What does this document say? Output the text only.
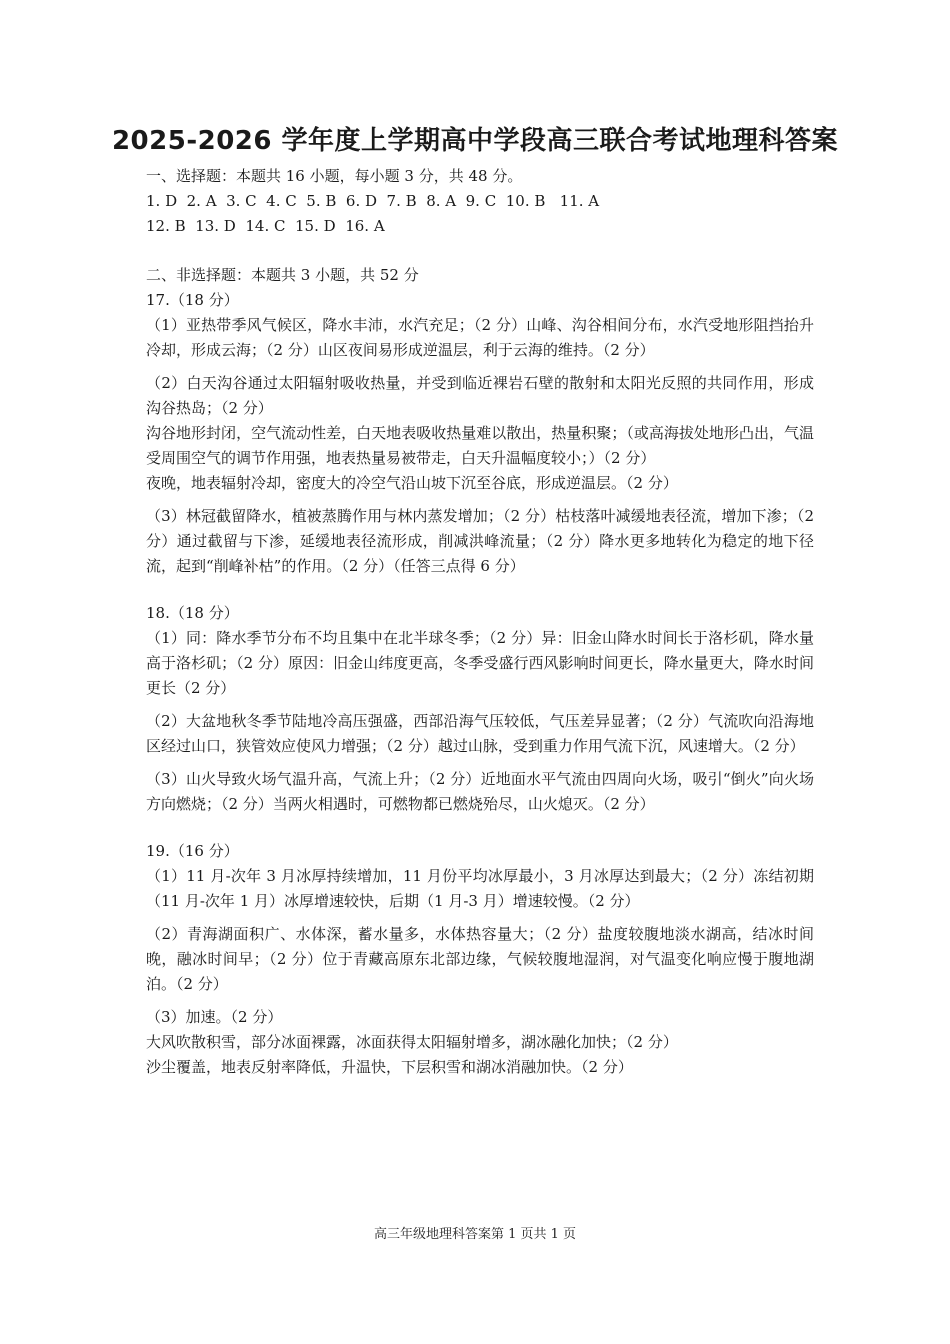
2025-2026 学年度上学期高中学段高三联合考试地理科答案
一、选择题：本题共 16 小题，每小题 3 分，共 48 分。
1. D  2. A  3. C  4. C  5. B  6. D  7. B  8. A  9. C  10. B   11. A
12. B  13. D  14. C  15. D  16. A
二、非选择题：本题共 3 小题，共 52 分
17.（18 分）

（1）亚热带季风气候区，降水丰沛，水汽充足；（2 分）山峰、沟谷相间分布，水汽受地形阻挡抬升冷却，形成云海；（2 分）山区夜间易形成逆温层，利于云海的维持。（2 分）

（2）白天沟谷通过太阳辐射吸收热量，并受到临近裸岩石壁的散射和太阳光反照的共同作用，形成沟谷热岛；（2 分）

沟谷地形封闭，空气流动性差，白天地表吸收热量难以散出，热量积聚；（或高海拔处地形凸出，气温受周围空气的调节作用强，地表热量易被带走，白天升温幅度较小；）（2 分）

夜晚，地表辐射冷却，密度大的冷空气沿山坡下沉至谷底，形成逆温层。（2 分）

（3）林冠截留降水，植被蒸腾作用与林内蒸发增加；（2 分）枯枝落叶减缓地表径流，增加下渗；（2 分）通过截留与下渗，延缓地表径流形成，削减洪峰流量；（2 分）降水更多地转化为稳定的地下径流，起到“削峰补枯”的作用。（2 分）（任答三点得 6 分）

18.（18 分）

（1）同：降水季节分布不均且集中在北半球冬季；（2 分）异：旧金山降水时间长于洛杉矶，降水量高于洛杉矶；（2 分）原因：旧金山纬度更高，冬季受盛行西风影响时间更长，降水量更大，降水时间更长（2 分）

（2）大盆地秋冬季节陆地冷高压强盛，西部沿海气压较低，气压差异显著；（2 分）气流吹向沿海地区经过山口，狭管效应使风力增强；（2 分）越过山脉，受到重力作用气流下沉，风速增大。（2 分）

（3）山火导致火场气温升高，气流上升；（2 分）近地面水平气流由四周向火场，吸引“倒火”向火场方向燃烧；（2 分）当两火相遇时，可燃物都已燃烧殆尽，山火熄灭。（2 分）

19.（16 分）

（1）11 月-次年 3 月冰厚持续增加，11 月份平均冰厚最小，3 月冰厚达到最大；（2 分）冻结初期（11 月-次年 1 月）冰厚增速较快，后期（1 月-3 月）增速较慢。（2 分）

（2）青海湖面积广、水体深，蓄水量多，水体热容量大；（2 分）盐度较腹地淡水湖高，结冰时间晚，融冰时间早；（2 分）位于青藏高原东北部边缘，气候较腹地湿润，对气温变化响应慢于腹地湖泊。（2 分）

（3）加速。（2 分）

大风吹散积雪，部分冰面裸露，冰面获得太阳辐射增多，湖冰融化加快；（2 分）

沙尘覆盖，地表反射率降低，升温快，下层积雪和湖冰消融加快。（2 分）

高三年级地理科答案第 1 页共 1 页
